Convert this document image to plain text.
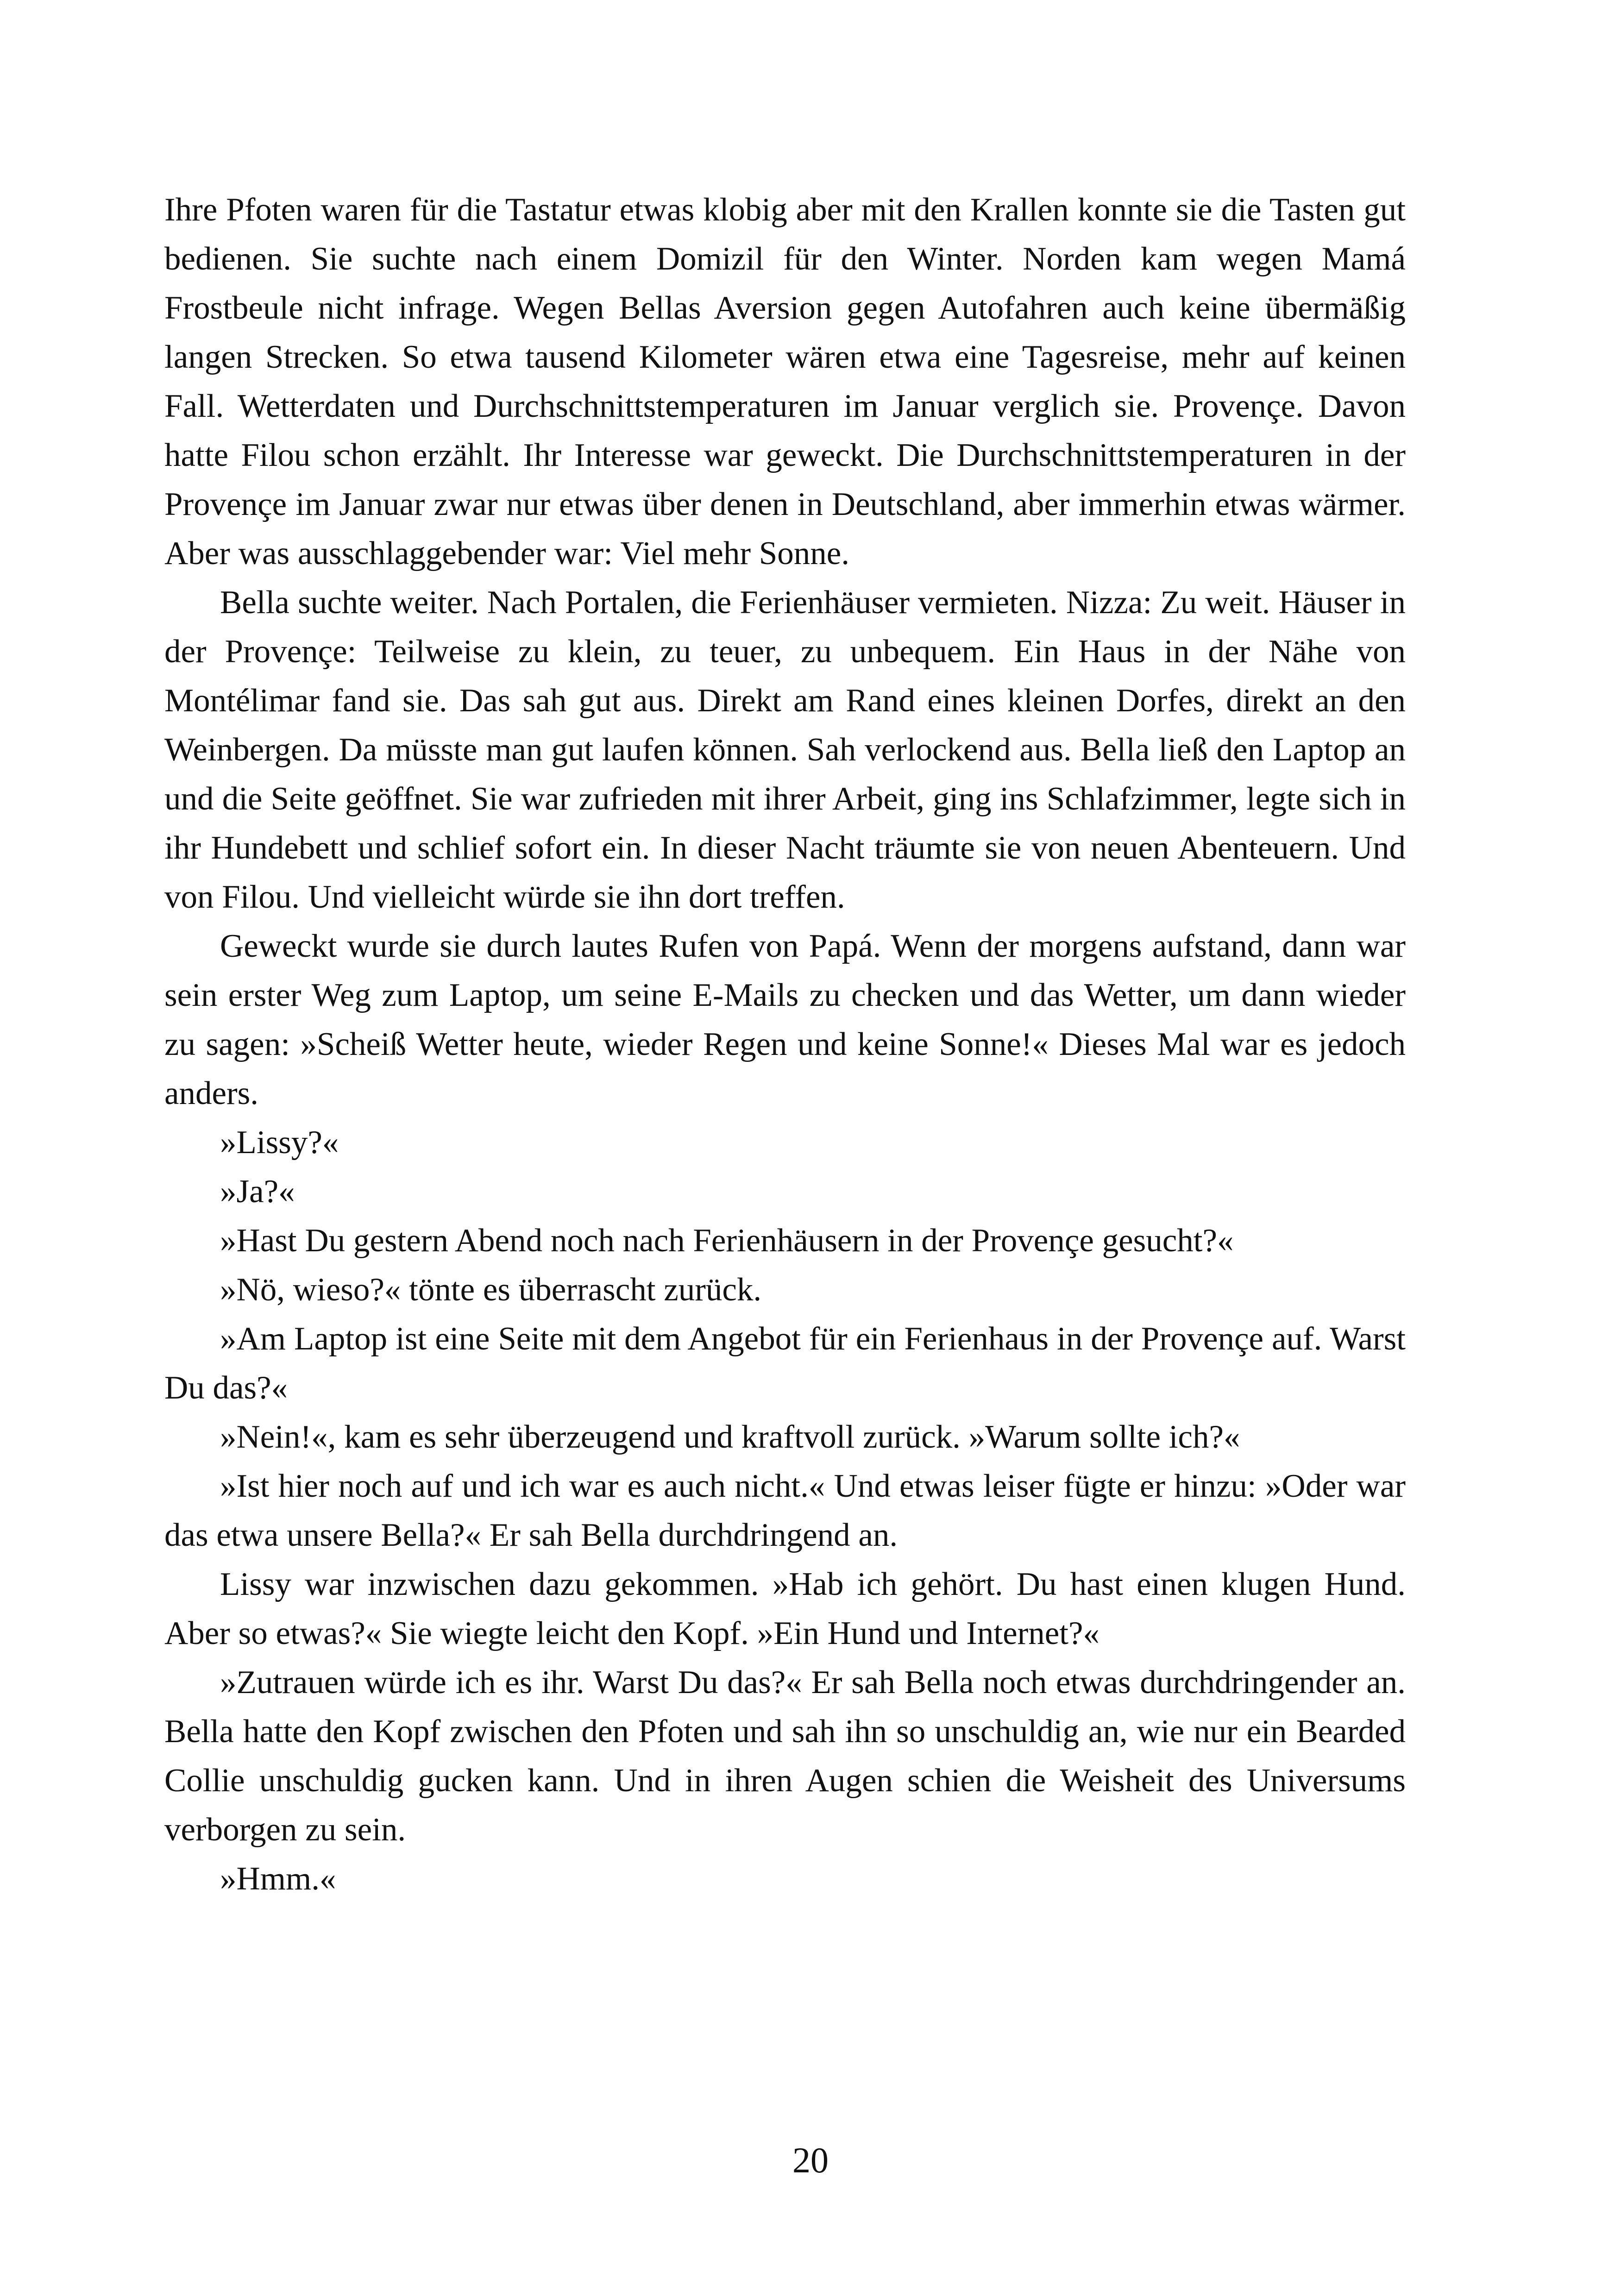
Ihre Pfoten waren für die Tastatur etwas klobig aber mit den Krallen konnte sie die Tasten gut bedienen. Sie suchte nach einem Domizil für den Winter. Norden kam wegen Mamá Frostbeule nicht infrage. Wegen Bellas Aversion gegen Autofahren auch keine übermäßig langen Strecken. So etwa tausend Kilometer wären etwa eine Tagesreise, mehr auf keinen Fall. Wetterdaten und Durchschnittstemperaturen im Januar verglich sie. Provençe. Davon hatte Filou schon erzählt. Ihr Interesse war geweckt. Die Durchschnittstemperaturen in der Provençe im Januar zwar nur etwas über denen in Deutschland, aber immerhin etwas wärmer. Aber was ausschlaggebender war: Viel mehr Sonne.

Bella suchte weiter. Nach Portalen, die Ferienhäuser vermieten. Nizza: Zu weit. Häuser in der Provençe: Teilweise zu klein, zu teuer, zu unbequem. Ein Haus in der Nähe von Montélimar fand sie. Das sah gut aus. Direkt am Rand eines kleinen Dorfes, direkt an den Weinbergen. Da müsste man gut laufen können. Sah verlockend aus. Bella ließ den Laptop an und die Seite geöffnet. Sie war zufrieden mit ihrer Arbeit, ging ins Schlafzimmer, legte sich in ihr Hundebett und schlief sofort ein. In dieser Nacht träumte sie von neuen Abenteuern. Und von Filou. Und vielleicht würde sie ihn dort treffen.

Geweckt wurde sie durch lautes Rufen von Papá. Wenn der morgens aufstand, dann war sein erster Weg zum Laptop, um seine E-Mails zu checken und das Wetter, um dann wieder zu sagen: »Scheiß Wetter heute, wieder Regen und keine Sonne!« Dieses Mal war es jedoch anders.

»Lissy?«

»Ja?«

»Hast Du gestern Abend noch nach Ferienhäusern in der Provençe gesucht?«

»Nö, wieso?« tönte es überrascht zurück.

»Am Laptop ist eine Seite mit dem Angebot für ein Ferienhaus in der Provençe auf. Warst Du das?«

»Nein!«, kam es sehr überzeugend und kraftvoll zurück. »Warum sollte ich?«

»Ist hier noch auf und ich war es auch nicht.« Und etwas leiser fügte er hinzu: »Oder war das etwa unsere Bella?« Er sah Bella durchdringend an.

Lissy war inzwischen dazu gekommen. »Hab ich gehört. Du hast einen klugen Hund. Aber so etwas?« Sie wiegte leicht den Kopf. »Ein Hund und Internet?«

»Zutrauen würde ich es ihr. Warst Du das?« Er sah Bella noch etwas durchdringender an. Bella hatte den Kopf zwischen den Pfoten und sah ihn so unschuldig an, wie nur ein Bearded Collie unschuldig gucken kann. Und in ihren Augen schien die Weisheit des Universums verborgen zu sein.

»Hmm.«

20
